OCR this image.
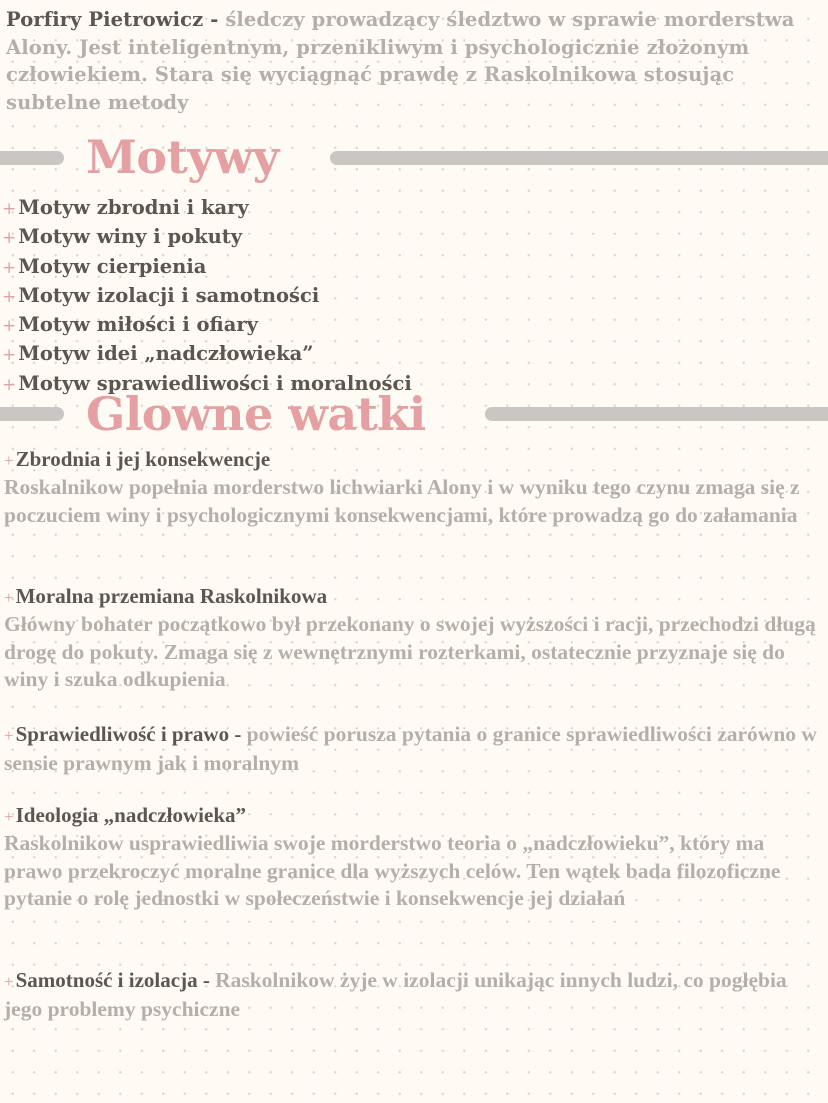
Porfiry Pietrowicz - śledczy prowadzący śledztwo w sprawie morderstwa Alony. Jest inteligentnym, przenikliwym i psychologicznie złożonym człowiekiem. Stara się wyciągnąć prawdę z Raskolnikowa stosując subtelne metody
Motywy
+ Motyw zbrodni i kary
+ Motyw winy i pokuty
+ Motyw cierpienia
+ Motyw izolacji i samotności
+ Motyw miłości i ofiary
+ Motyw idei „nadczłowieka”
+ Motyw sprawiedliwości i moralności
Glowne watki
+Zbrodnia i jej konsekwencje
Roskalnikow popełnia morderstwo lichwiarki Alony i w wyniku tego czynu zmaga się z poczuciem winy i psychologicznymi konsekwencjami, które prowadzą go do załamania
+Moralna przemiana Raskolnikowa
Główny bohater początkowo był przekonany o swojej wyższości i racji, przechodzi długą drogę do pokuty. Zmaga się z wewnętrznymi rozterkami, ostatecznie przyznaje się do winy i szuka odkupienia
+Sprawiedliwość i prawo - powieść porusza pytania o granice sprawiedliwości zarówno w sensie prawnym jak i moralnym
+Ideologia „nadczłowieka”
Raskolnikow usprawiedliwia swoje morderstwo teoria o „nadczłowieku”, który ma prawo przekroczyć moralne granice dla wyższych celów. Ten wątek bada filozoficzne pytanie o rolę jednostki w społeczeństwie i konsekwencje jej działań
+Samotność i izolacja - Raskolnikow żyje w izolacji unikając innych ludzi, co pogłębia jego problemy psychiczne
